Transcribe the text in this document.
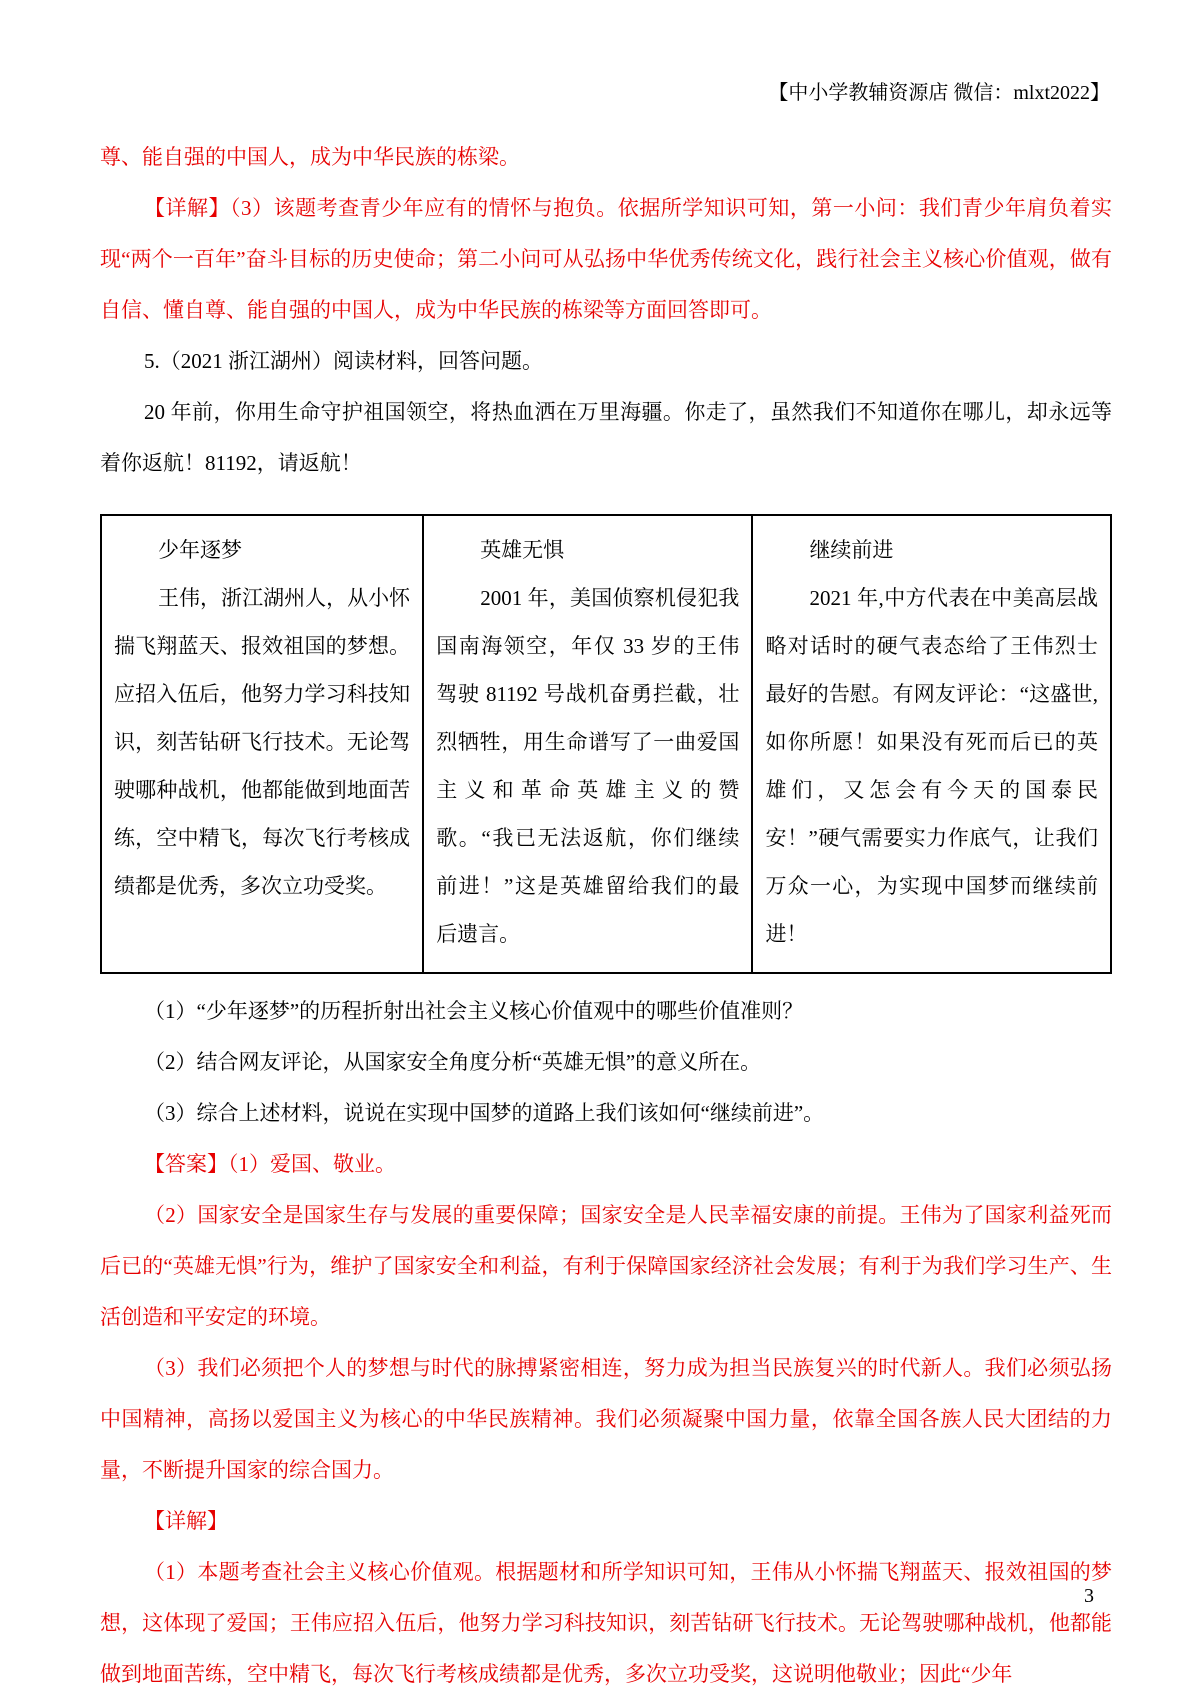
【中小学教辅资源店 微信：mlxt2022】

尊、能自强的中国人，成为中华民族的栋梁。

【详解】（3）该题考查青少年应有的情怀与抱负。依据所学知识可知，第一小问：我们青少年肩负着实现“两个一百年”奋斗目标的历史使命；第二小问可从弘扬中华优秀传统文化，践行社会主义核心价值观，做有自信、懂自尊、能自强的中国人，成为中华民族的栋梁等方面回答即可。

5.（2021 浙江湖州）阅读材料，回答问题。

20 年前，你用生命守护祖国领空，将热血洒在万里海疆。你走了，虽然我们不知道你在哪儿，却永远等着你返航！81192，请返航！

少年逐梦

王伟，浙江湖州人，从小怀揣飞翔蓝天、报效祖国的梦想。应招入伍后，他努力学习科技知识，刻苦钻研飞行技术。无论驾驶哪种战机，他都能做到地面苦练，空中精飞，每次飞行考核成绩都是优秀，多次立功受奖。

英雄无惧

2001 年，美国侦察机侵犯我国南海领空，年仅 33 岁的王伟驾驶 81192 号战机奋勇拦截，壮烈牺牲，用生命谱写了一曲爱国主义和革命英雄主义的赞歌。“我已无法返航，你们继续前进！”这是英雄留给我们的最后遗言。

继续前进

2021 年,中方代表在中美高层战略对话时的硬气表态给了王伟烈士最好的告慰。有网友评论：“这盛世,如你所愿！如果没有死而后已的英雄们，又怎会有今天的国泰民安！”硬气需要实力作底气，让我们万众一心，为实现中国梦而继续前进！

（1）“少年逐梦”的历程折射出社会主义核心价值观中的哪些价值准则？

（2）结合网友评论，从国家安全角度分析“英雄无惧”的意义所在。

（3）综合上述材料，说说在实现中国梦的道路上我们该如何“继续前进”。

【答案】（1）爱国、敬业。

（2）国家安全是国家生存与发展的重要保障；国家安全是人民幸福安康的前提。王伟为了国家利益死而后已的“英雄无惧”行为，维护了国家安全和利益，有利于保障国家经济社会发展；有利于为我们学习生产、生活创造和平安定的环境。

（3）我们必须把个人的梦想与时代的脉搏紧密相连，努力成为担当民族复兴的时代新人。我们必须弘扬中国精神，高扬以爱国主义为核心的中华民族精神。我们必须凝聚中国力量，依靠全国各族人民大团结的力量，不断提升国家的综合国力。

【详解】

（1）本题考查社会主义核心价值观。根据题材和所学知识可知，王伟从小怀揣飞翔蓝天、报效祖国的梦想，这体现了爱国；王伟应招入伍后，他努力学习科技知识，刻苦钻研飞行技术。无论驾驶哪种战机，他都能做到地面苦练，空中精飞，每次飞行考核成绩都是优秀，多次立功受奖，这说明他敬业；因此“少年

3
